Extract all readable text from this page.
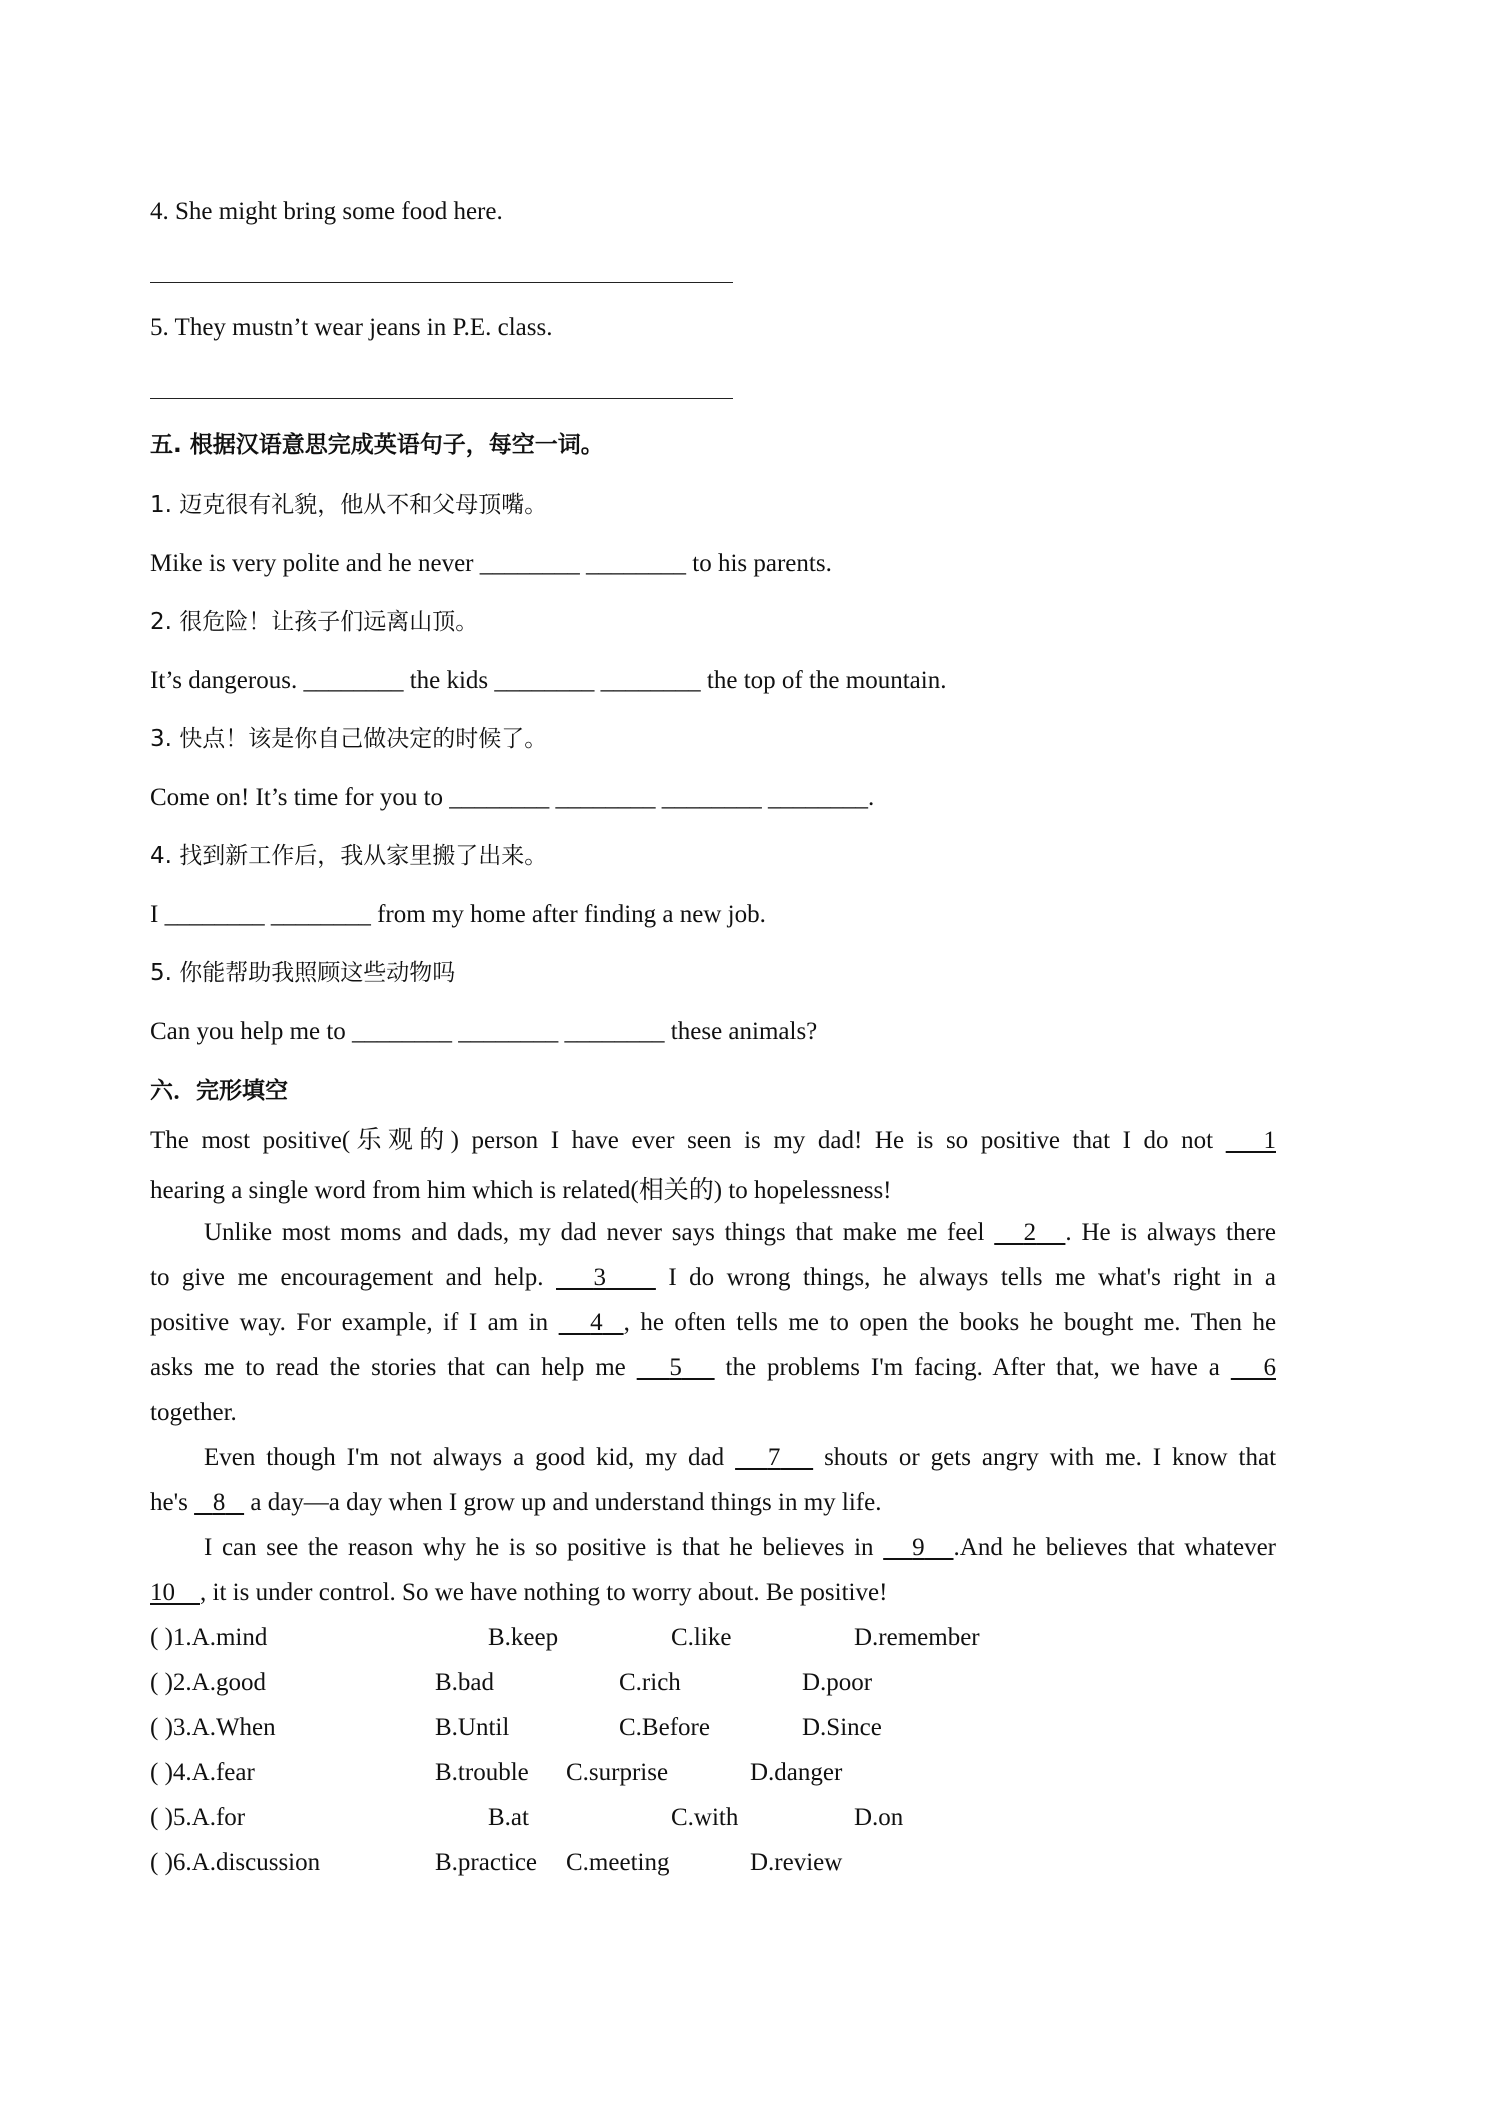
4. She might bring some food here.
5. They mustn’t wear jeans in P.E. class.
五. 根据汉语意思完成英语句子，每空一词。
1. 迈克很有礼貌，他从不和父母顶嘴。
Mike is very polite and he never ________ ________ to his parents.
2. 很危险！让孩子们远离山顶。
It’s dangerous. ________ the kids ________ ________ the top of the mountain.
3. 快点！该是你自己做决定的时候了。
Come on! It’s time for you to ________ ________ ________ ________.
4. 找到新工作后，我从家里搬了出来。
I ________ ________ from my home after finding a new job.
5. 你能帮助我照顾这些动物吗
Can you help me to ________ ________ ________ these animals?
六．完形填空
The most positive(乐观的) person I have ever seen is my dad! He is so positive that I do not 1
hearing a single word from him which is related(相关的) to hopelessness!
Unlike most moms and dads, my dad never says things that make me feel 2 . He is always there
to give me encouragement and help. 3 I do wrong things, he always tells me what's right in a
positive way. For example, if I am in 4 , he often tells me to open the books he bought me. Then he
asks me to read the stories that can help me 5 the problems I'm facing. After that, we have a 6
together.
Even though I'm not always a good kid, my dad 7 shouts or gets angry with me. I know that
he's 8 a day—a day when I grow up and understand things in my life.
I can see the reason why he is so positive is that he believes in 9 .And he believes that whatever
10 , it is under control. So we have nothing to worry about. Be positive!
( )1.A.mind	B.keep	C.like	D.remember
( )2.A.good	B.bad	C.rich	D.poor
( )3.A.When	B.Until	C.Before	D.Since
( )4.A.fear	B.trouble C.surprise	D.danger
( )5.A.for	B.at	C.with	D.on
( )6.A.discussion	B.practice C.meeting	D.review
